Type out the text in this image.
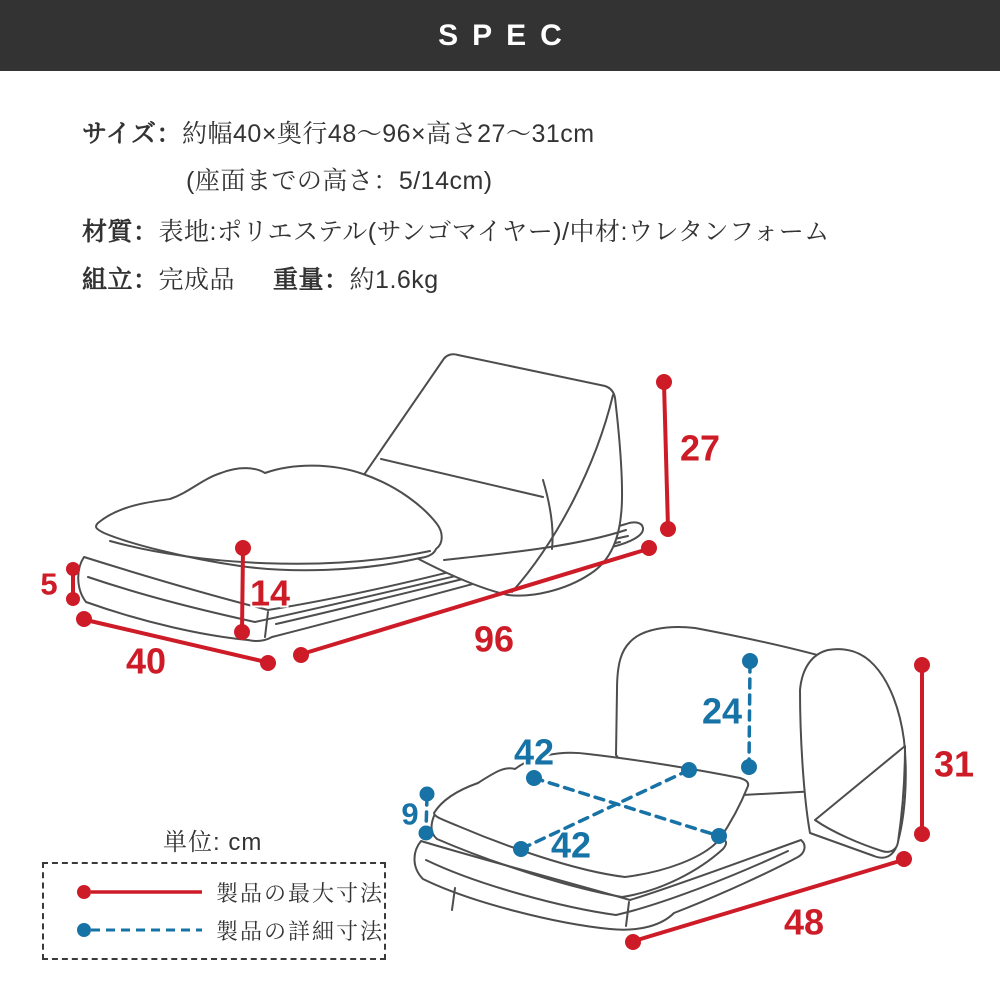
SPEC
サイズ：約幅40×奥行48〜96×高さ27〜31cm
(座面までの高さ：5/14cm)
材質：表地:ポリエステル(サンゴマイヤー)/中材:ウレタンフォーム
組立：完成品 重量：約1.6kg
27
5	14
40
96
24
42
42
9
31
48
単位: cm
製品の最大寸法
製品の詳細寸法
